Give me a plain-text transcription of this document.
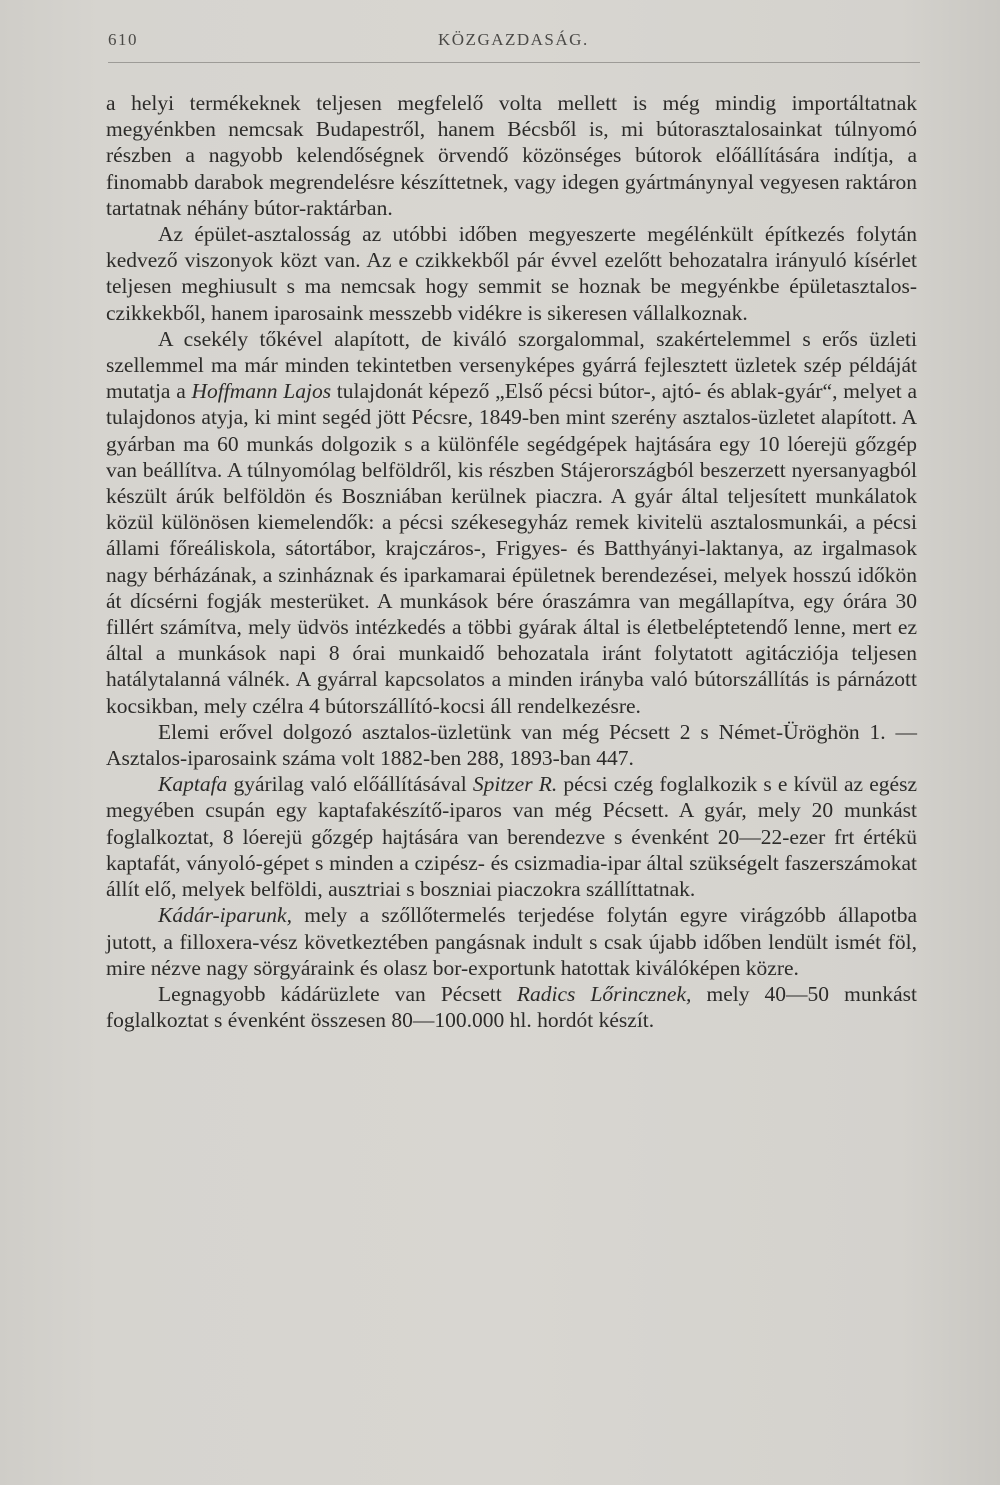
610	KÖZGAZDASÁG.

a helyi termékeknek teljesen megfelelő volta mellett is még mindig importáltatnak megyénkben nemcsak Budapestről, hanem Bécsből is, mi bútorasztalosainkat túlnyomó részben a nagyobb kelendőségnek örvendő közönséges bútorok előállítására indítja, a finomabb darabok megrendelésre készíttetnek, vagy idegen gyártmánynyal vegyesen raktáron tartatnak néhány bútor-raktárban.

Az épület-asztalosság az utóbbi időben megyeszerte megélénkült építkezés folytán kedvező viszonyok közt van. Az e czikkekből pár évvel ezelőtt behozatalra irányuló kísérlet teljesen meghiusult s ma nemcsak hogy semmit se hoznak be megyénkbe épületasztalos-czikkekből, hanem iparosaink messzebb vidékre is sikeresen vállalkoznak.

A csekély tőkével alapított, de kiváló szorgalommal, szakértelemmel s erős üzleti szellemmel ma már minden tekintetben versenyképes gyárrá fejlesztett üzletek szép példáját mutatja a Hoffmann Lajos tulajdonát képező „Első pécsi bútor-, ajtó- és ablak-gyár“, melyet a tulajdonos atyja, ki mint segéd jött Pécsre, 1849-ben mint szerény asztalos-üzletet alapított. A gyárban ma 60 munkás dolgozik s a különféle segédgépek hajtására egy 10 lóerejü gőzgép van beállítva. A túlnyomólag belföldről, kis részben Stájerországból beszerzett nyersanyagból készült árúk belföldön és Boszniában kerülnek piaczra. A gyár által teljesített munkálatok közül különösen kiemelendők: a pécsi székesegyház remek kivitelü asztalosmunkái, a pécsi állami főreáliskola, sátortábor, krajczáros-, Frigyes- és Batthyányi-laktanya, az irgalmasok nagy bérházának, a szinháznak és iparkamarai épületnek berendezései, melyek hosszú időkön át dícsérni fogják mesterüket. A munkások bére óraszámra van megállapítva, egy órára 30 fillért számítva, mely üdvös intézkedés a többi gyárak által is életbeléptetendő lenne, mert ez által a munkások napi 8 órai munkaidő behozatala iránt folytatott agitácziója teljesen hatálytalanná válnék. A gyárral kapcsolatos a minden irányba való bútorszállítás is párnázott kocsikban, mely czélra 4 bútorszállító-kocsi áll rendelkezésre.

Elemi erővel dolgozó asztalos-üzletünk van még Pécsett 2 s Német-Üröghön 1. — Asztalos-iparosaink száma volt 1882-ben 288, 1893-ban 447.

Kaptafa gyárilag való előállításával Spitzer R. pécsi czég foglalkozik s e kívül az egész megyében csupán egy kaptafakészítő-iparos van még Pécsett. A gyár, mely 20 munkást foglalkoztat, 8 lóerejü gőzgép hajtására van berendezve s évenként 20—22-ezer frt értékü kaptafát, ványoló-gépet s minden a czipész- és csizmadia-ipar által szükségelt faszerszámokat állít elő, melyek belföldi, ausztriai s boszniai piaczokra szállíttatnak.

Kádár-iparunk, mely a szőllőtermelés terjedése folytán egyre virágzóbb állapotba jutott, a filloxera-vész következtében pangásnak indult s csak újabb időben lendült ismét föl, mire nézve nagy sörgyáraink és olasz bor-exportunk hatottak kiválóképen közre.

Legnagyobb kádárüzlete van Pécsett Radics Lőrincznek, mely 40—50 munkást foglalkoztat s évenként összesen 80—100.000 hl. hordót készít.
